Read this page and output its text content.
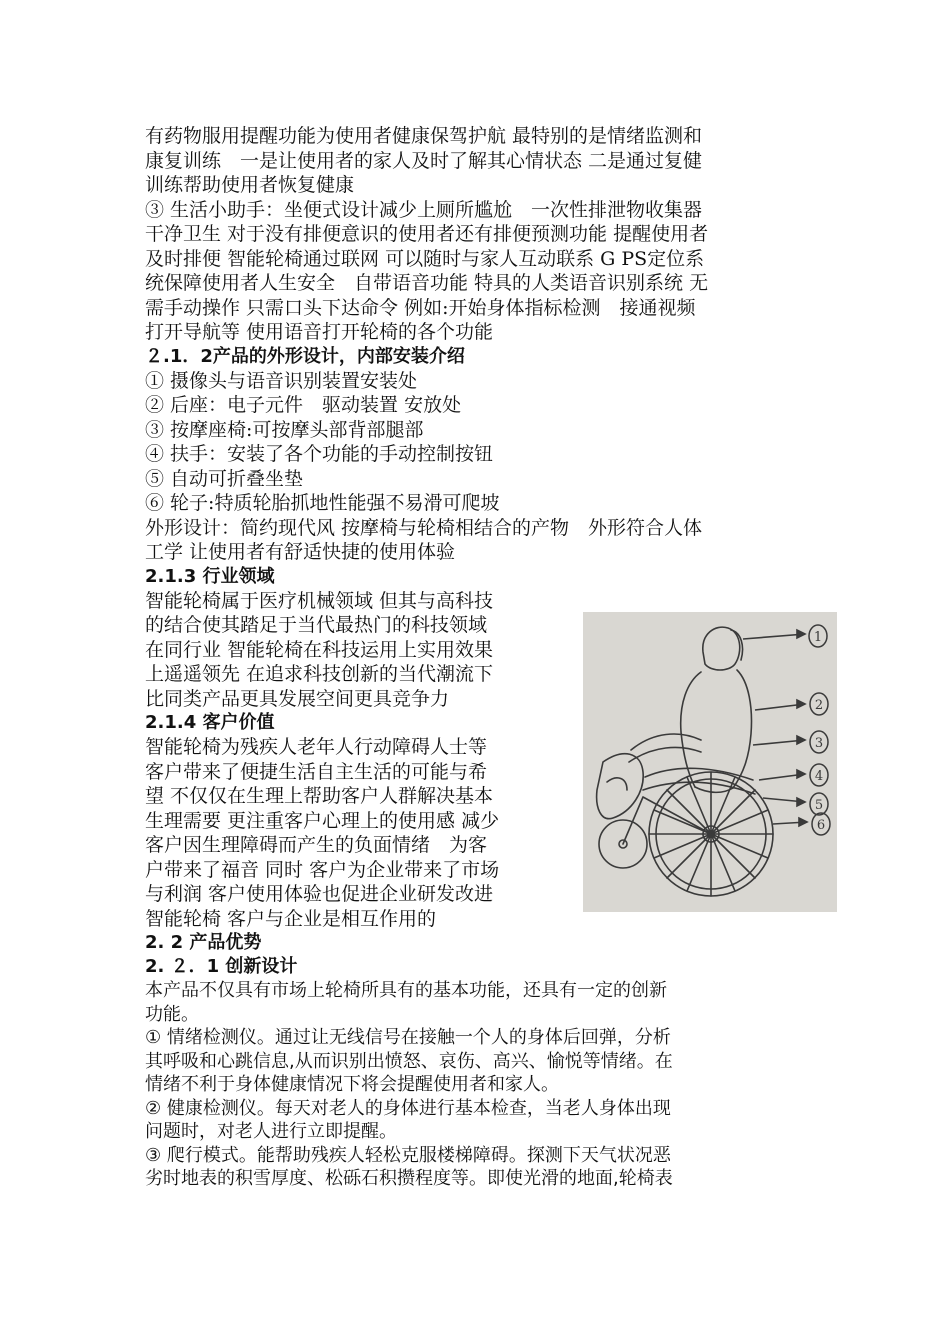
有药物服用提醒功能为使用者健康保驾护航 最特别的是情绪监测和

康复训练　一是让使用者的家人及时了解其心情状态 二是通过复健

训练帮助使用者恢复健康

③ 生活小助手：坐便式设计减少上厕所尴尬　一次性排泄物收集器

干净卫生 对于没有排便意识的使用者还有排便预测功能 提醒使用者

及时排便 智能轮椅通过联网 可以随时与家人互动联系 G PS定位系

统保障使用者人生安全　自带语音功能 特具的人类语音识别系统 无

需手动操作 只需口头下达命令 例如:开始身体指标检测　接通视频

打开导航等 使用语音打开轮椅的各个功能

２.1．2产品的外形设计，内部安装介绍

① 摄像头与语音识别装置安装处

② 后座：电子元件　驱动装置 安放处

③ 按摩座椅:可按摩头部背部腿部

④ 扶手：安装了各个功能的手动控制按钮

⑤ 自动可折叠坐垫

⑥ 轮子:特质轮胎抓地性能强不易滑可爬坡

外形设计：简约现代风 按摩椅与轮椅相结合的产物　外形符合人体

工学 让使用者有舒适快捷的使用体验

2.1.3 行业领域

智能轮椅属于医疗机械领域 但其与高科技

的结合使其踏足于当代最热门的科技领域

在同行业 智能轮椅在科技运用上实用效果

上遥遥领先 在追求科技创新的当代潮流下

比同类产品更具发展空间更具竞争力

2.1.4 客户价值

智能轮椅为残疾人老年人行动障碍人士等

客户带来了便捷生活自主生活的可能与希

望 不仅仅在生理上帮助客户人群解决基本

生理需要 更注重客户心理上的使用感 减少

客户因生理障碍而产生的负面情绪　为客

户带来了福音 同时 客户为企业带来了市场

与利润 客户使用体验也促进企业研发改进

智能轮椅 客户与企业是相互作用的

2. 2 产品优势

2. ２．1 创新设计

本产品不仅具有市场上轮椅所具有的基本功能，还具有一定的创新

功能。

① 情绪检测仪。通过让无线信号在接触一个人的身体后回弹，分析

其呼吸和心跳信息,从而识别出愤怒、哀伤、高兴、愉悦等情绪。在

情绪不利于身体健康情况下将会提醒使用者和家人。

② 健康检测仪。每天对老人的身体进行基本检查，当老人身体出现

问题时，对老人进行立即提醒。

③ 爬行模式。能帮助残疾人轻松克服楼梯障碍。探测下天气状况恶

劣时地表的积雪厚度、松砾石积攒程度等。即使光滑的地面,轮椅表

1
2
3
4
5
6
